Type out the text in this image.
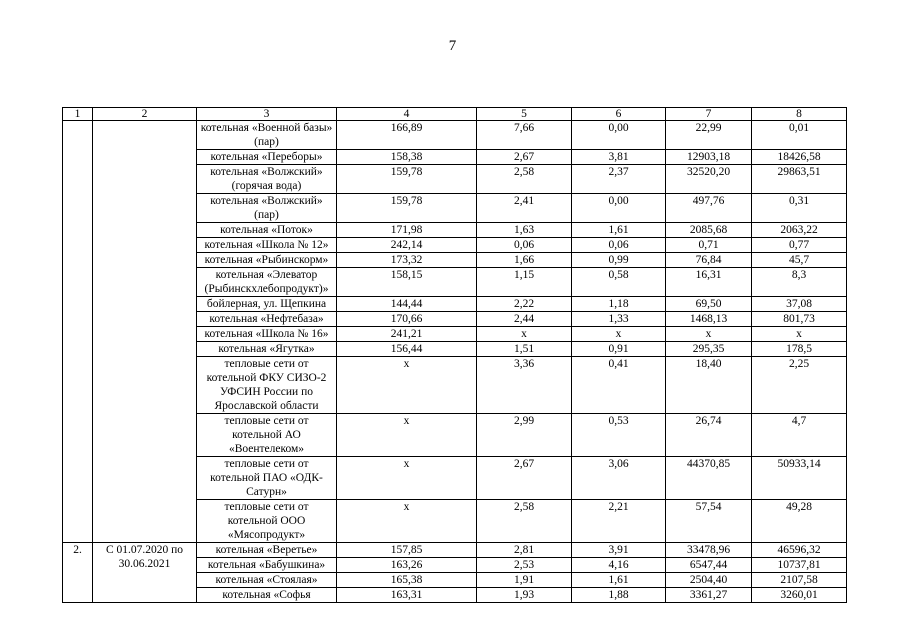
7
1	2	3	4	5	6	7	8
		котельная «Военной базы» (пар)	166,89	7,66	0,00	22,99	0,01
		котельная «Переборы»	158,38	2,67	3,81	12903,18	18426,58
		котельная «Волжский» (горячая вода)	159,78	2,58	2,37	32520,20	29863,51
		котельная «Волжский» (пар)	159,78	2,41	0,00	497,76	0,31
		котельная «Поток»	171,98	1,63	1,61	2085,68	2063,22
		котельная «Школа № 12»	242,14	0,06	0,06	0,71	0,77
		котельная «Рыбинскорм»	173,32	1,66	0,99	76,84	45,7
		котельная «Элеватор (Рыбинскхлебопродукт)»	158,15	1,15	0,58	16,31	8,3
		бойлерная, ул. Щепкина	144,44	2,22	1,18	69,50	37,08
		котельная «Нефтебаза»	170,66	2,44	1,33	1468,13	801,73
		котельная «Школа № 16»	241,21	x	x	x	x
		котельная «Ягутка»	156,44	1,51	0,91	295,35	178,5
		тепловые сети от котельной ФКУ СИЗО-2 УФСИН России по Ярославской области	x	3,36	0,41	18,40	2,25
		тепловые сети от котельной АО «Воентелеком»	x	2,99	0,53	26,74	4,7
		тепловые сети от котельной ПАО «ОДК-Сатурн»	x	2,67	3,06	44370,85	50933,14
		тепловые сети от котельной ООО «Мясопродукт»	x	2,58	2,21	57,54	49,28
2.	С 01.07.2020 по 30.06.2021	котельная «Веретье»	157,85	2,81	3,91	33478,96	46596,32
		котельная «Бабушкина»	163,26	2,53	4,16	6547,44	10737,81
		котельная «Стоялая»	165,38	1,91	1,61	2504,40	2107,58
		котельная «Софья	163,31	1,93	1,88	3361,27	3260,01
